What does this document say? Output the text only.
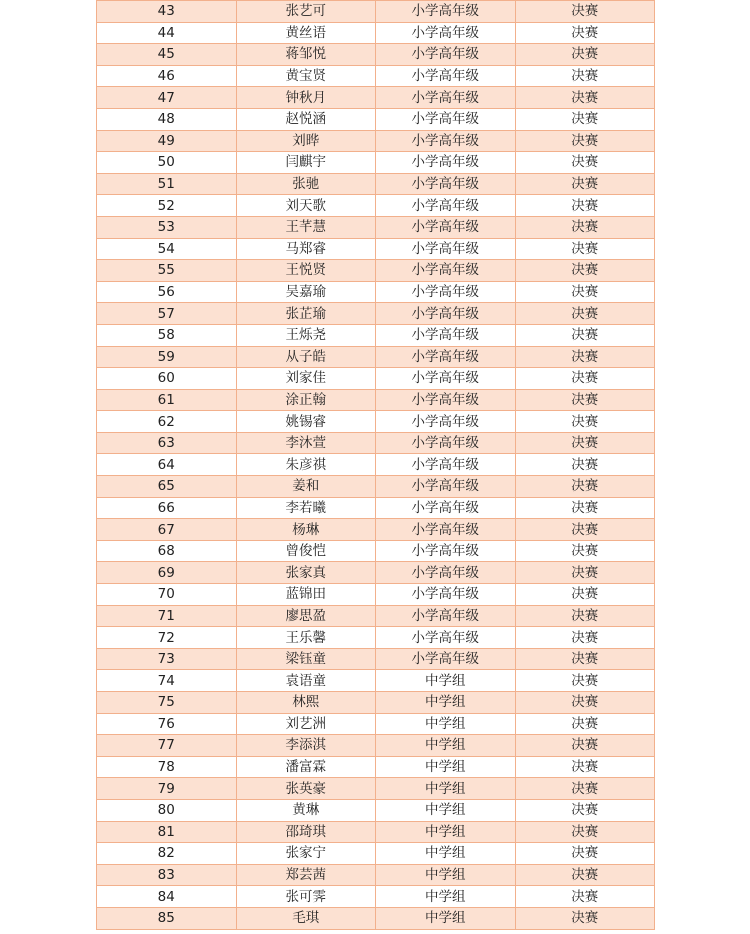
43	张艺可	小学高年级	决赛
44	黄丝语	小学高年级	决赛
45	蒋邹悦	小学高年级	决赛
46	黄宝贤	小学高年级	决赛
47	钟秋月	小学高年级	决赛
48	赵悦涵	小学高年级	决赛
49	刘晔	小学高年级	决赛
50	闫麒宇	小学高年级	决赛
51	张驰	小学高年级	决赛
52	刘天歌	小学高年级	决赛
53	王芊慧	小学高年级	决赛
54	马郑睿	小学高年级	决赛
55	王悦贤	小学高年级	决赛
56	吴嘉瑜	小学高年级	决赛
57	张芷瑜	小学高年级	决赛
58	王烁尧	小学高年级	决赛
59	从子皓	小学高年级	决赛
60	刘家佳	小学高年级	决赛
61	涂正翰	小学高年级	决赛
62	姚锡睿	小学高年级	决赛
63	李沐萱	小学高年级	决赛
64	朱彦祺	小学高年级	决赛
65	姜和	小学高年级	决赛
66	李若曦	小学高年级	决赛
67	杨琳	小学高年级	决赛
68	曾俊恺	小学高年级	决赛
69	张家真	小学高年级	决赛
70	蓝锦田	小学高年级	决赛
71	廖思盈	小学高年级	决赛
72	王乐馨	小学高年级	决赛
73	梁钰童	小学高年级	决赛
74	袁语童	中学组	决赛
75	林熙	中学组	决赛
76	刘艺洲	中学组	决赛
77	李添淇	中学组	决赛
78	潘富霖	中学组	决赛
79	张英豪	中学组	决赛
80	黄琳	中学组	决赛
81	邵琦琪	中学组	决赛
82	张家宁	中学组	决赛
83	郑芸茜	中学组	决赛
84	张可霁	中学组	决赛
85	毛琪	中学组	决赛
